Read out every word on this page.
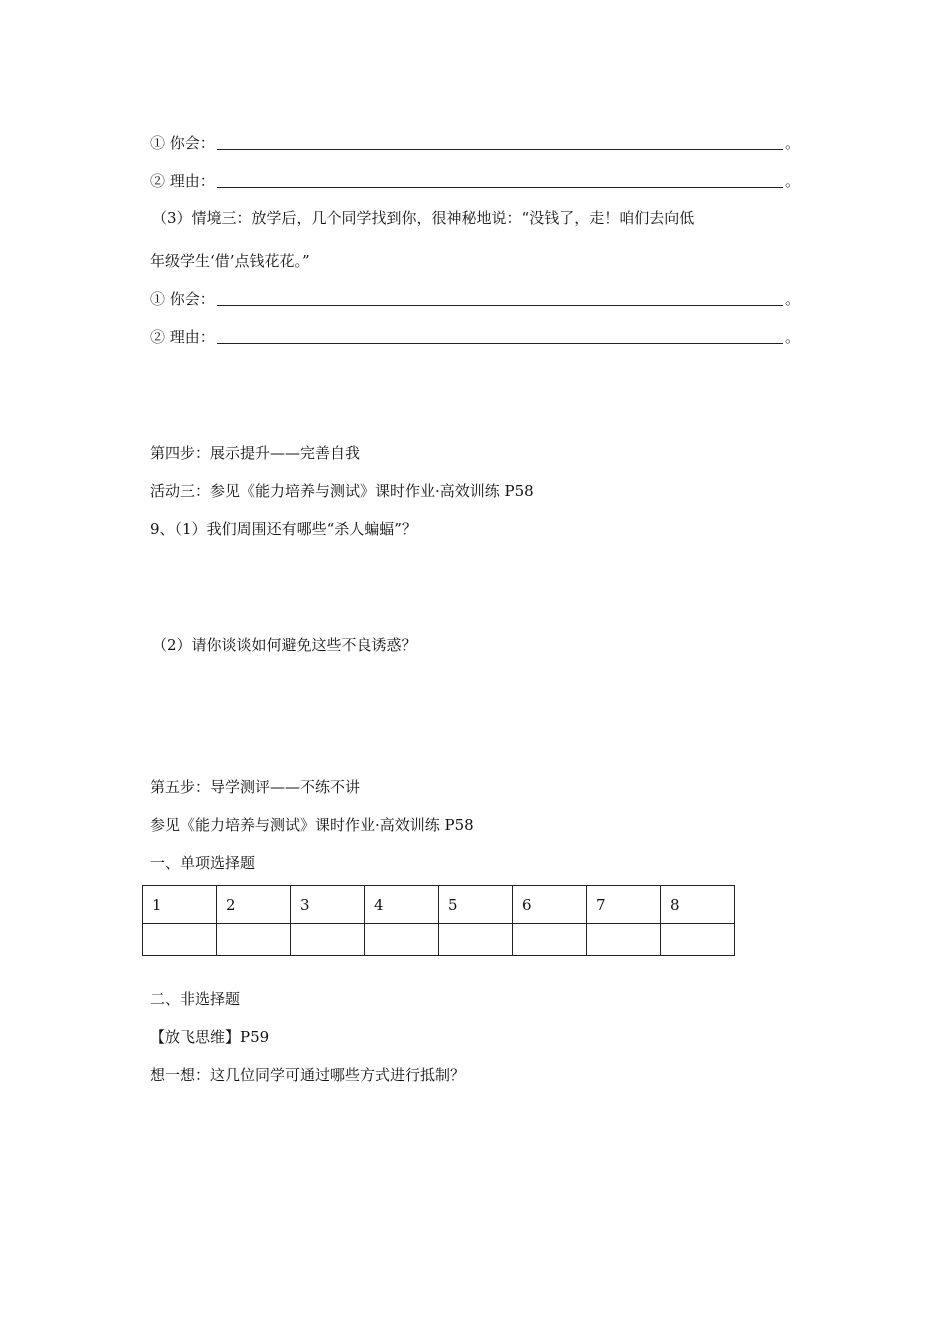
① 你会：	。
② 理由：	。
（3）情境三：放学后，几个同学找到你，很神秘地说：“没钱了，走！咱们去向低
年级学生‘借’点钱花花。”
① 你会：	。
② 理由：	。
第四步：展示提升——完善自我
活动三：参见《能力培养与测试》课时作业·高效训练 P58
9、（1）我们周围还有哪些“杀人蝙蝠”？
（2）请你谈谈如何避免这些不良诱惑？
第五步：导学测评——不练不讲
参见《能力培养与测试》课时作业·高效训练 P58
一、单项选择题
1	2	3	4	5	6	7	8

二、非选择题
【放飞思维】P59
想一想：这几位同学可通过哪些方式进行抵制？
